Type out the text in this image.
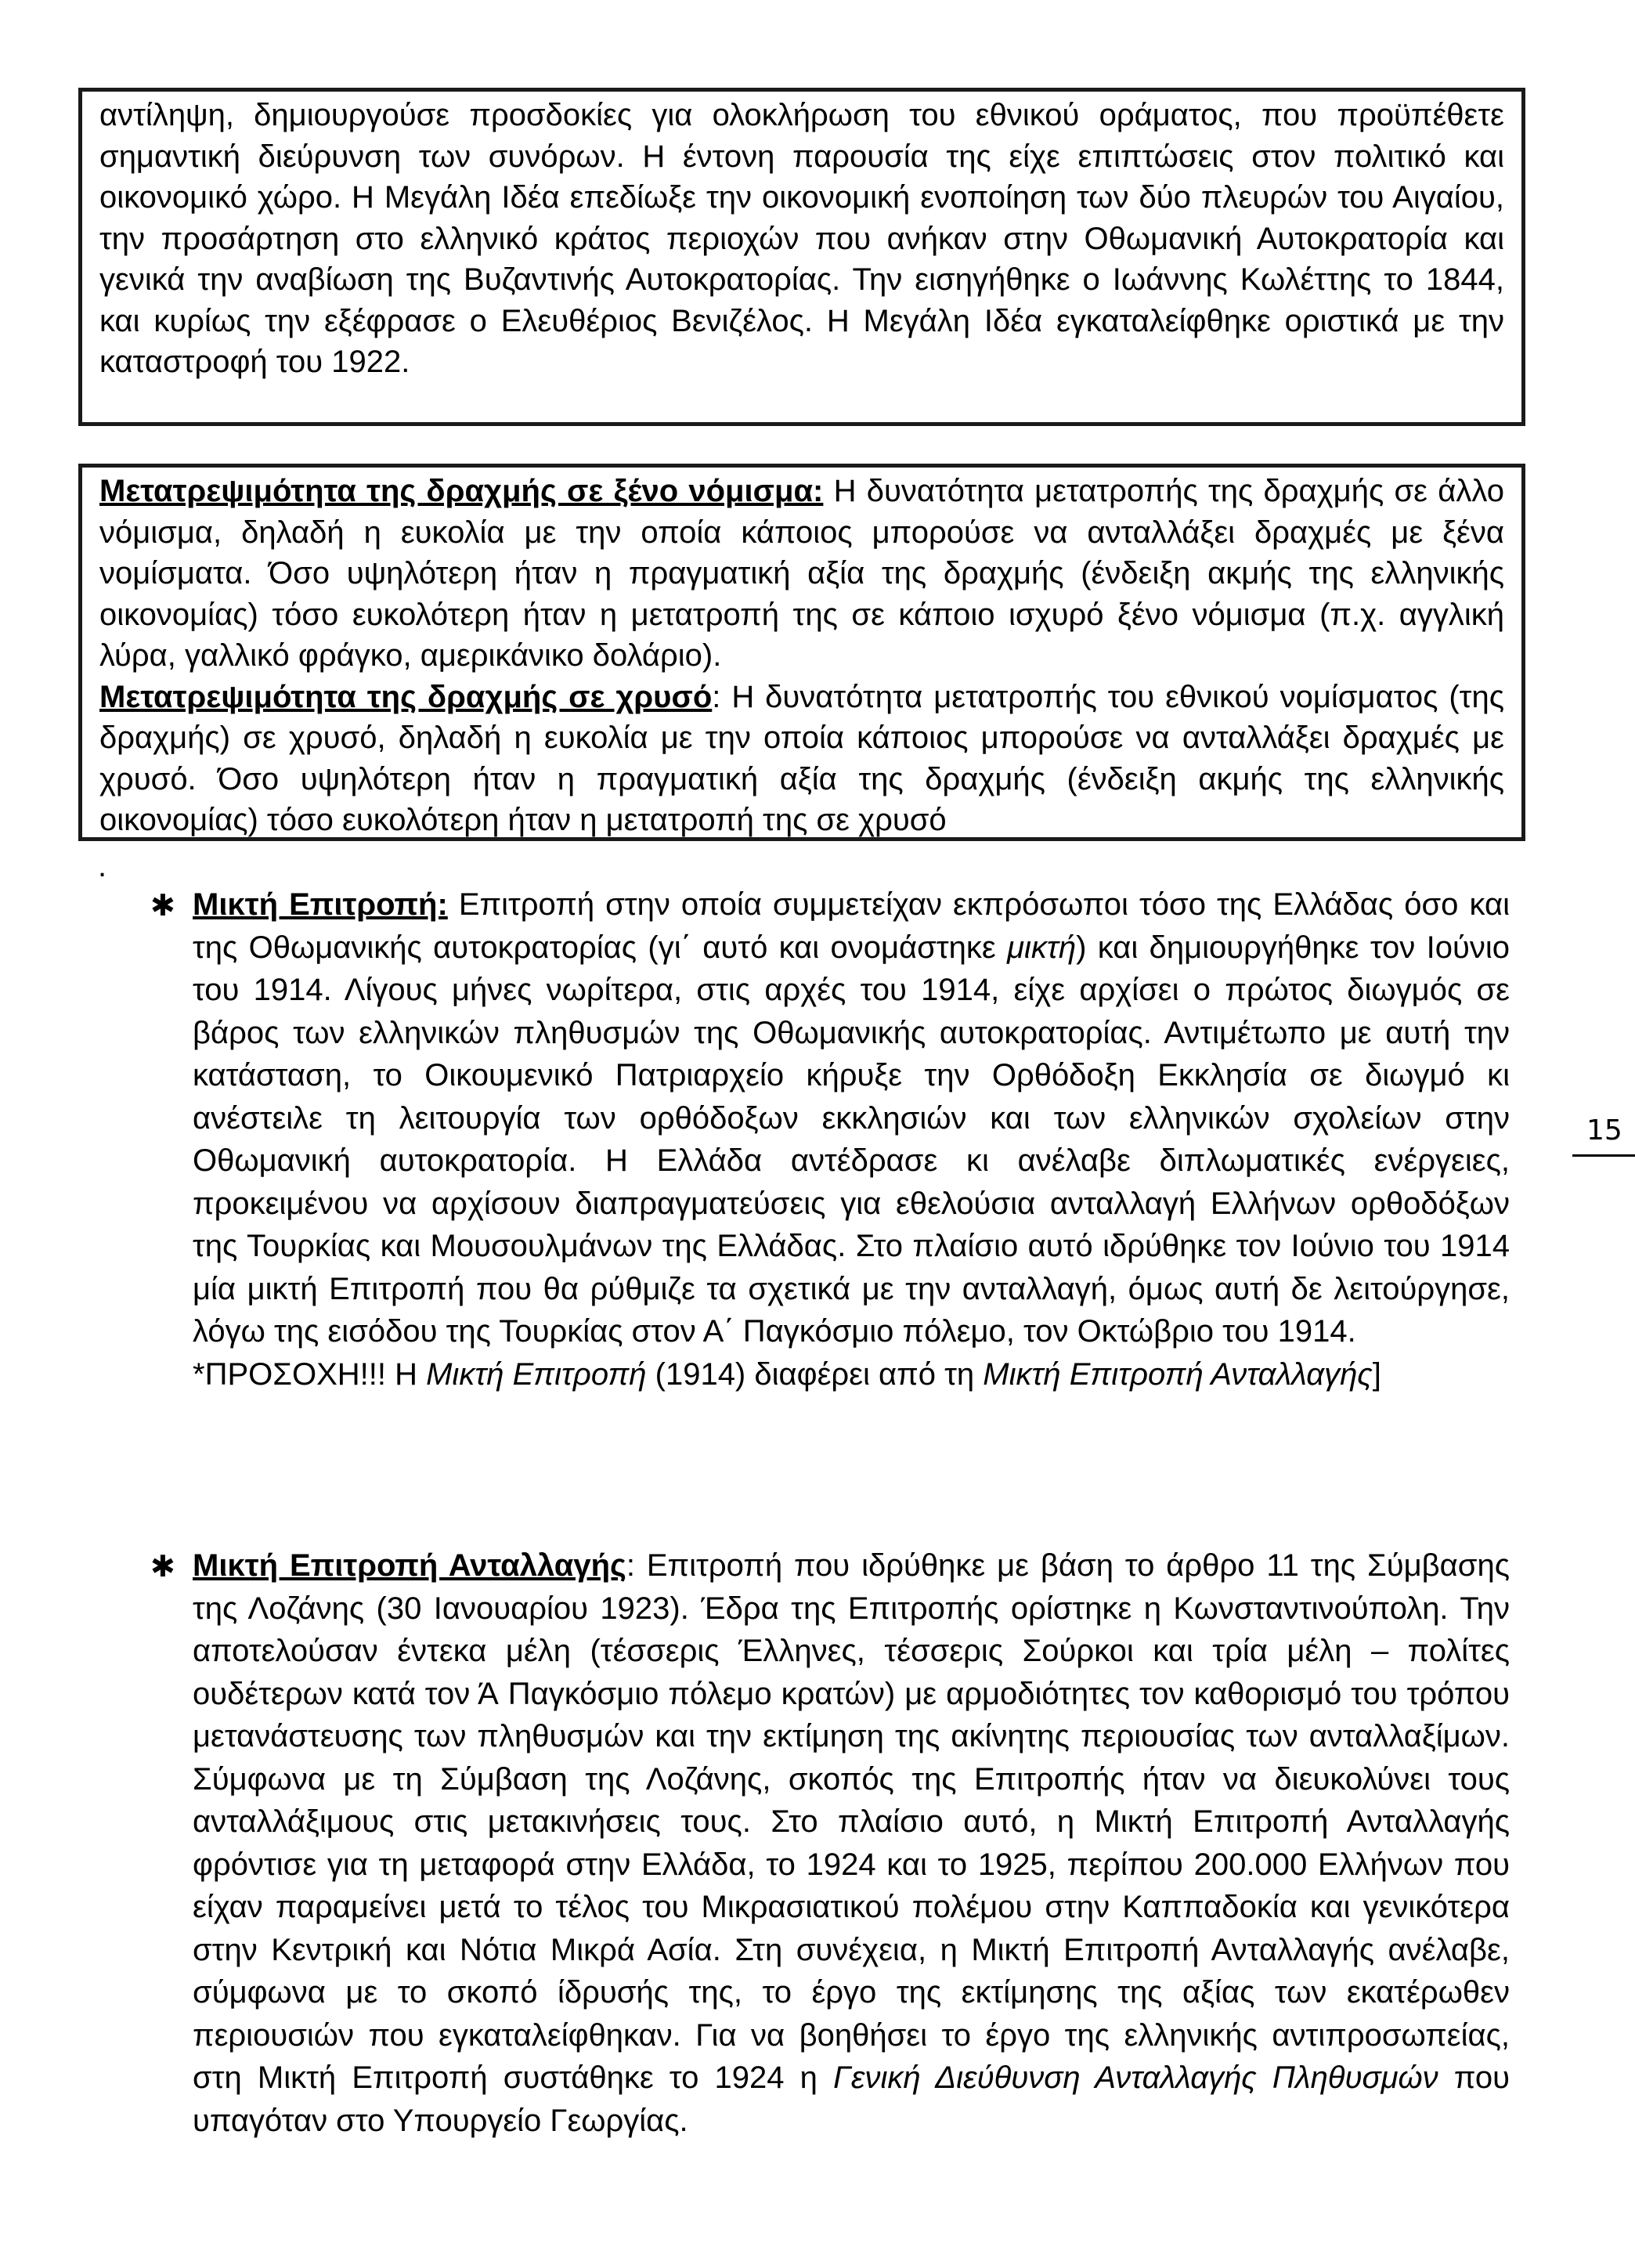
αντίληψη, δημιουργούσε προσδοκίες για ολοκλήρωση του εθνικού οράματος, που προϋπέθετε σημαντική διεύρυνση των συνόρων. Η έντονη παρουσία της είχε επιπτώσεις στον πολιτικό και οικονομικό χώρο. Η Μεγάλη Ιδέα επεδίωξε την οικονομική ενοποίηση των δύο πλευρών του Αιγαίου, την προσάρτηση στο ελληνικό κράτος περιοχών που ανήκαν στην Οθωμανική Αυτοκρατορία και γενικά την αναβίωση της Βυζαντινής Αυτοκρατορίας. Την εισηγήθηκε ο Ιωάννης Κωλέττης το 1844, και κυρίως την εξέφρασε ο Ελευθέριος Βενιζέλος. Η Μεγάλη Ιδέα εγκαταλείφθηκε οριστικά με την καταστροφή του 1922.

Μετατρεψιμότητα της δραχμής σε ξένο νόμισμα: Η δυνατότητα μετατροπής της δραχμής σε άλλο νόμισμα, δηλαδή η ευκολία με την οποία κάποιος μπορούσε να ανταλλάξει δραχμές με ξένα νομίσματα. Όσο υψηλότερη ήταν η πραγματική αξία της δραχμής (ένδειξη ακμής της ελληνικής οικονομίας) τόσο ευκολότερη ήταν η μετατροπή της σε κάποιο ισχυρό ξένο νόμισμα (π.χ. αγγλική λύρα, γαλλικό φράγκο, αμερικάνικο δολάριο).

Μετατρεψιμότητα της δραχμής σε χρυσό: Η δυνατότητα μετατροπής του εθνικού νομίσματος (της δραχμής) σε χρυσό, δηλαδή η ευκολία με την οποία κάποιος μπορούσε να ανταλλάξει δραχμές με χρυσό. Όσο υψηλότερη ήταν η πραγματική αξία της δραχμής (ένδειξη ακμής της ελληνικής οικονομίας) τόσο ευκολότερη ήταν η μετατροπή της σε χρυσό

.
✱ Μικτή Επιτροπή: Επιτροπή στην οποία συμμετείχαν εκπρόσωποι τόσο της Ελλάδας όσο και της Οθωμανικής αυτοκρατορίας (γι΄ αυτό και ονομάστηκε μικτή) και δημιουργήθηκε τον Ιούνιο του 1914. Λίγους μήνες νωρίτερα, στις αρχές του 1914, είχε αρχίσει ο πρώτος διωγμός σε βάρος των ελληνικών πληθυσμών της Οθωμανικής αυτοκρατορίας. Αντιμέτωπο με αυτή την κατάσταση, το Οικουμενικό Πατριαρχείο κήρυξε την Ορθόδοξη Εκκλησία σε διωγμό κι ανέστειλε τη λειτουργία των ορθόδοξων εκκλησιών και των ελληνικών σχολείων στην Οθωμανική αυτοκρατορία. Η Ελλάδα αντέδρασε κι ανέλαβε διπλωματικές ενέργειες, προκειμένου να αρχίσουν διαπραγματεύσεις για εθελούσια ανταλλαγή Ελλήνων ορθοδόξων της Τουρκίας και Μουσουλμάνων της Ελλάδας. Στο πλαίσιο αυτό ιδρύθηκε τον Ιούνιο του 1914 μία μικτή Επιτροπή που θα ρύθμιζε τα σχετικά με την ανταλλαγή, όμως αυτή δε λειτούργησε, λόγω της εισόδου της Τουρκίας στον Α΄ Παγκόσμιο πόλεμο, τον Οκτώβριο του 1914.

*ΠΡΟΣΟΧΗ!!! Η Μικτή Επιτροπή (1914) διαφέρει από τη Μικτή Επιτροπή Ανταλλαγής]

✱ Μικτή Επιτροπή Ανταλλαγής: Επιτροπή που ιδρύθηκε με βάση το άρθρο 11 της Σύμβασης της Λοζάνης (30 Ιανουαρίου 1923). Έδρα της Επιτροπής ορίστηκε η Κωνσταντινούπολη. Την αποτελούσαν έντεκα μέλη (τέσσερις Έλληνες, τέσσερις Σούρκοι και τρία μέλη – πολίτες ουδέτερων κατά τον Ά Παγκόσμιο πόλεμο κρατών) με αρμοδιότητες τον καθορισμό του τρόπου μετανάστευσης των πληθυσμών και την εκτίμηση της ακίνητης περιουσίας των ανταλλαξίμων. Σύμφωνα με τη Σύμβαση της Λοζάνης, σκοπός της Επιτροπής ήταν να διευκολύνει τους ανταλλάξιμους στις μετακινήσεις τους. Στο πλαίσιο αυτό, η Μικτή Επιτροπή Ανταλλαγής φρόντισε για τη μεταφορά στην Ελλάδα, το 1924 και το 1925, περίπου 200.000 Ελλήνων που είχαν παραμείνει μετά το τέλος του Μικρασιατικού πολέμου στην Καππαδοκία και γενικότερα στην Κεντρική και Νότια Μικρά Ασία. Στη συνέχεια, η Μικτή Επιτροπή Ανταλλαγής ανέλαβε, σύμφωνα με το σκοπό ίδρυσής της, το έργο της εκτίμησης της αξίας των εκατέρωθεν περιουσιών που εγκαταλείφθηκαν. Για να βοηθήσει το έργο της ελληνικής αντιπροσωπείας, στη Μικτή Επιτροπή συστάθηκε το 1924 η Γενική Διεύθυνση Ανταλλαγής Πληθυσμών που υπαγόταν στο Υπουργείο Γεωργίας.

15
